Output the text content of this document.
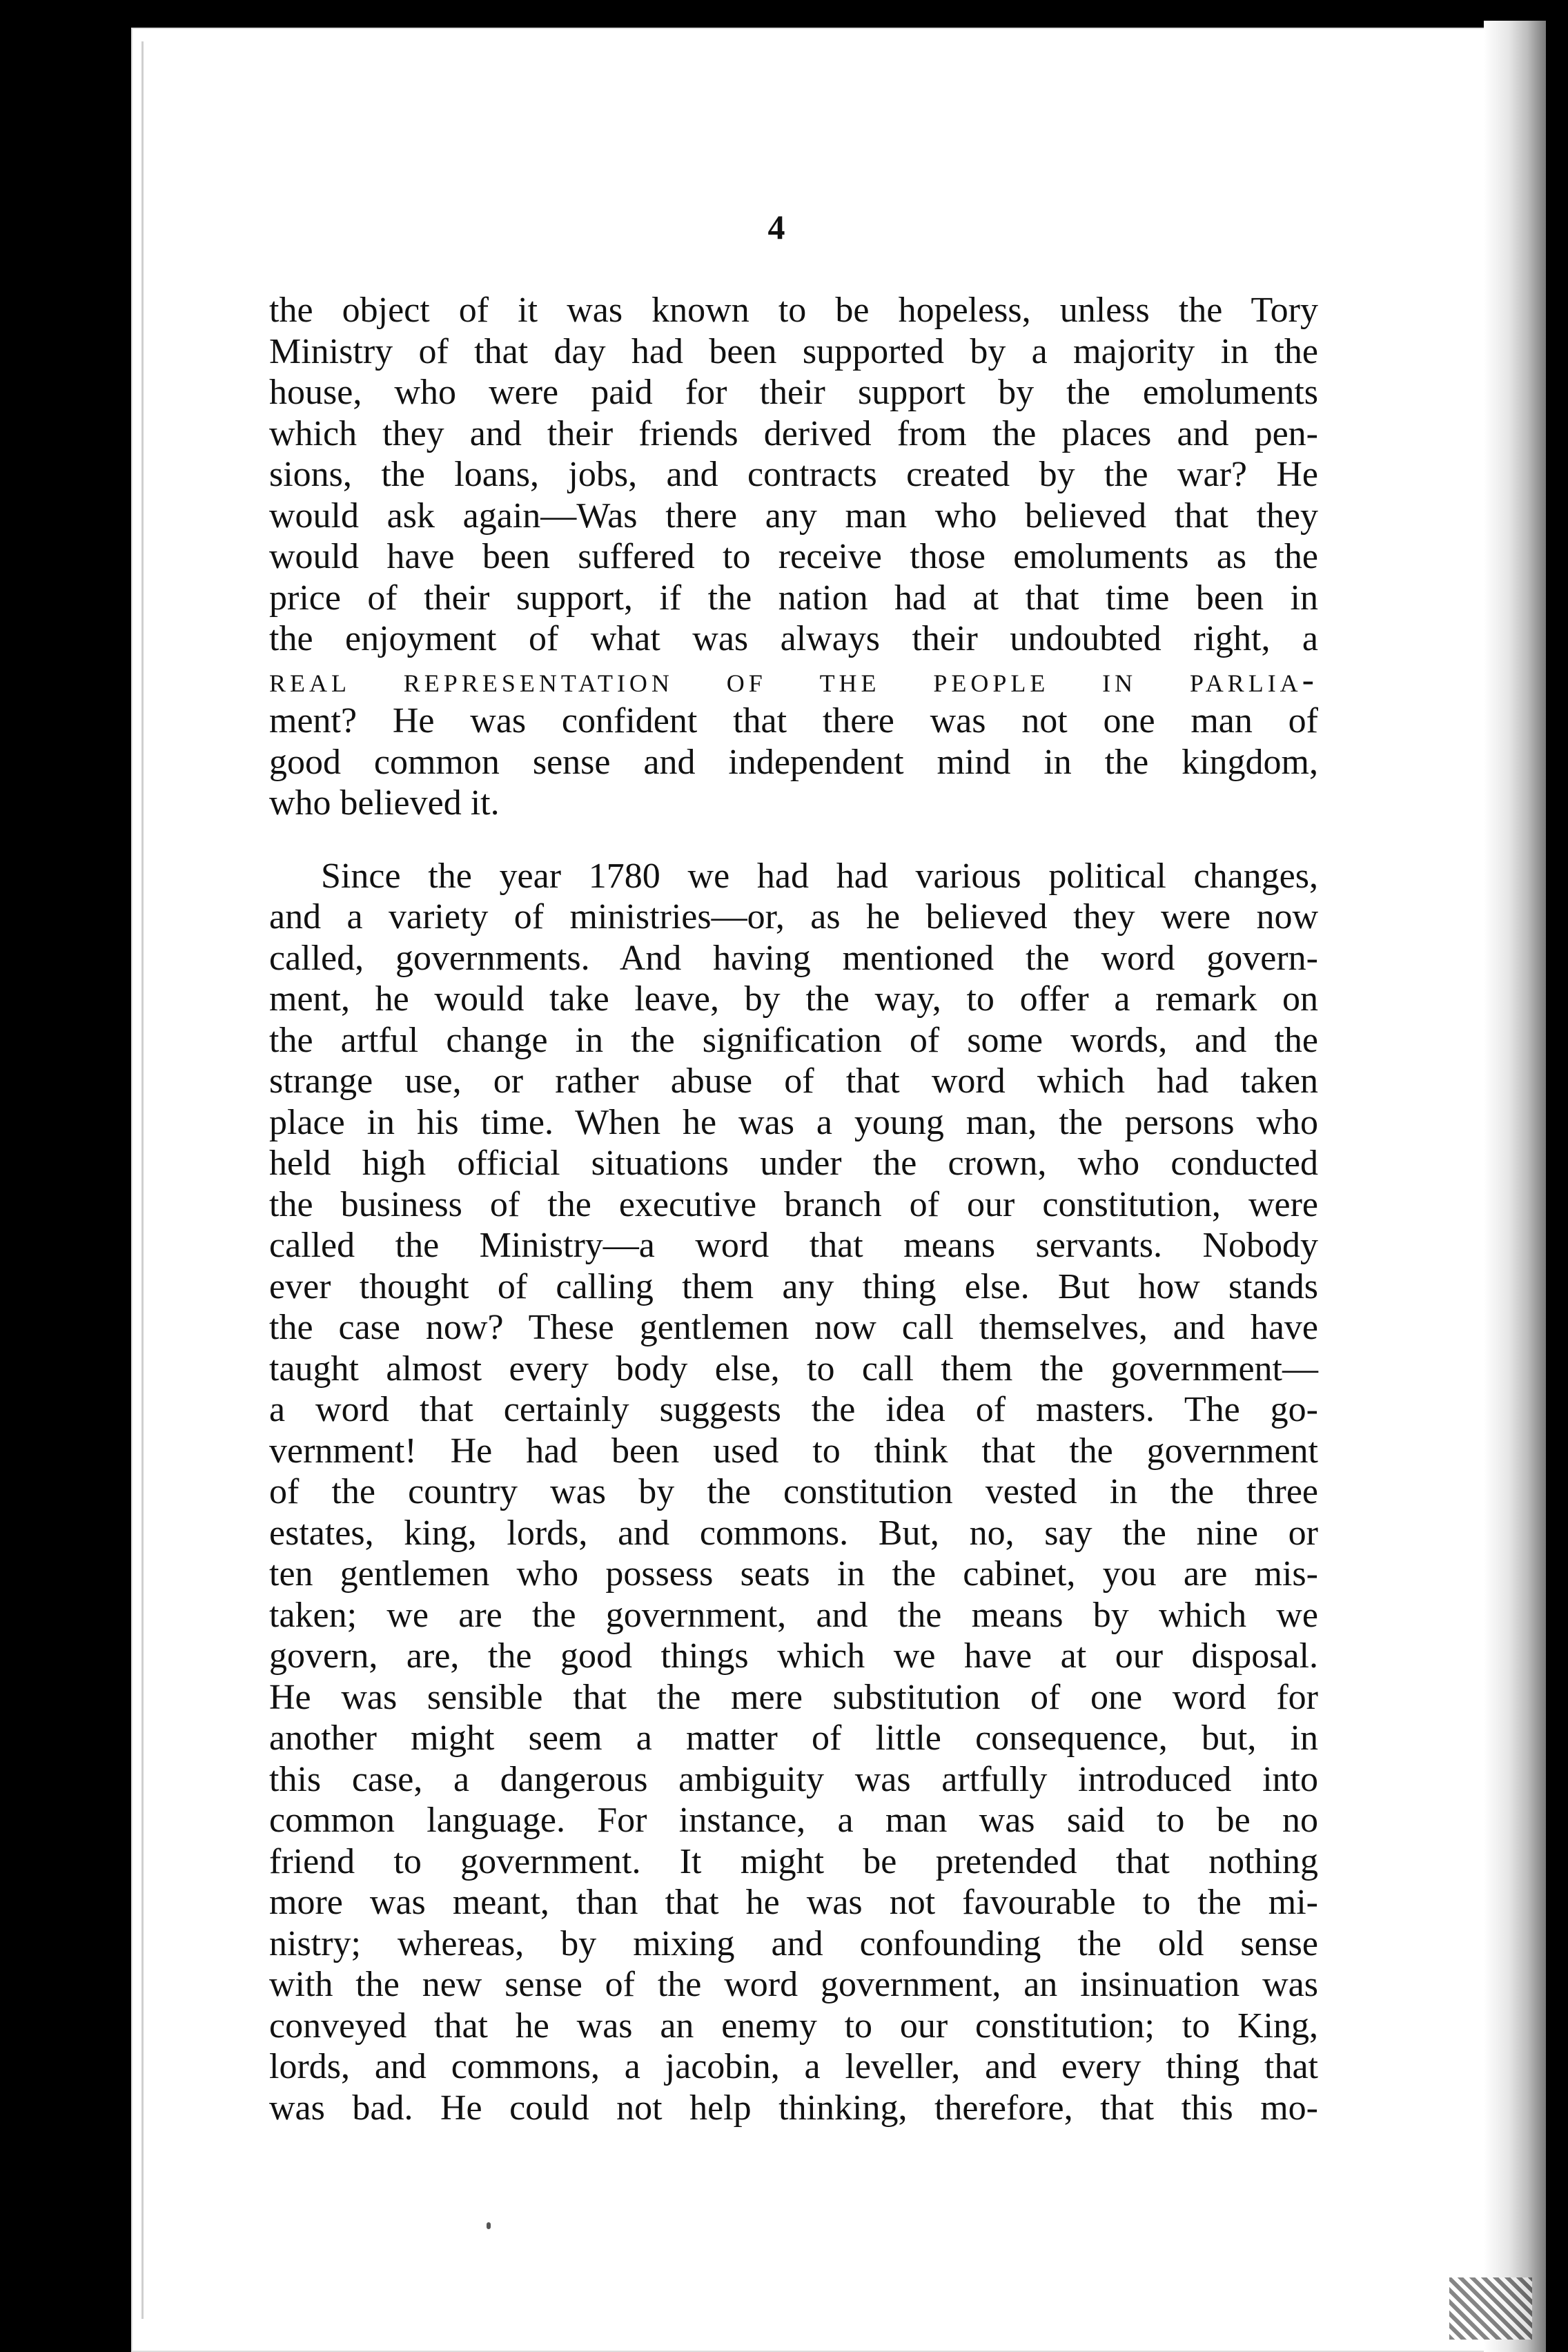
4
the object of it was known to be hopeless, unless the Tory
Ministry of that day had been supported by a majority in the
house, who were paid for their support by the emoluments
which they and their friends derived from the places and pen-
sions, the loans, jobs, and contracts created by the war? He
would ask again—Was there any man who believed that they
would have been suffered to receive those emoluments as the
price of their support, if the nation had at that time been in
the enjoyment of what was always their undoubted right, a
real representation of the people in parlia-
ment? He was confident that there was not one man of
good common sense and independent mind in the kingdom,
who believed it.
Since the year 1780 we had had various political changes,
and a variety of ministries—or, as he believed they were now
called, governments. And having mentioned the word govern-
ment, he would take leave, by the way, to offer a remark on
the artful change in the signification of some words, and the
strange use, or rather abuse of that word which had taken
place in his time. When he was a young man, the persons who
held high official situations under the crown, who conducted
the business of the executive branch of our constitution, were
called the Ministry—a word that means servants. Nobody
ever thought of calling them any thing else. But how stands
the case now? These gentlemen now call themselves, and have
taught almost every body else, to call them the government—
a word that certainly suggests the idea of masters. The go-
vernment! He had been used to think that the government
of the country was by the constitution vested in the three
estates, king, lords, and commons. But, no, say the nine or
ten gentlemen who possess seats in the cabinet, you are mis-
taken; we are the government, and the means by which we
govern, are, the good things which we have at our disposal.
He was sensible that the mere substitution of one word for
another might seem a matter of little consequence, but, in
this case, a dangerous ambiguity was artfully introduced into
common language. For instance, a man was said to be no
friend to government. It might be pretended that nothing
more was meant, than that he was not favourable to the mi-
nistry; whereas, by mixing and confounding the old sense
with the new sense of the word government, an insinuation was
conveyed that he was an enemy to our constitution; to King,
lords, and commons, a jacobin, a leveller, and every thing that
was bad. He could not help thinking, therefore, that this mo-
